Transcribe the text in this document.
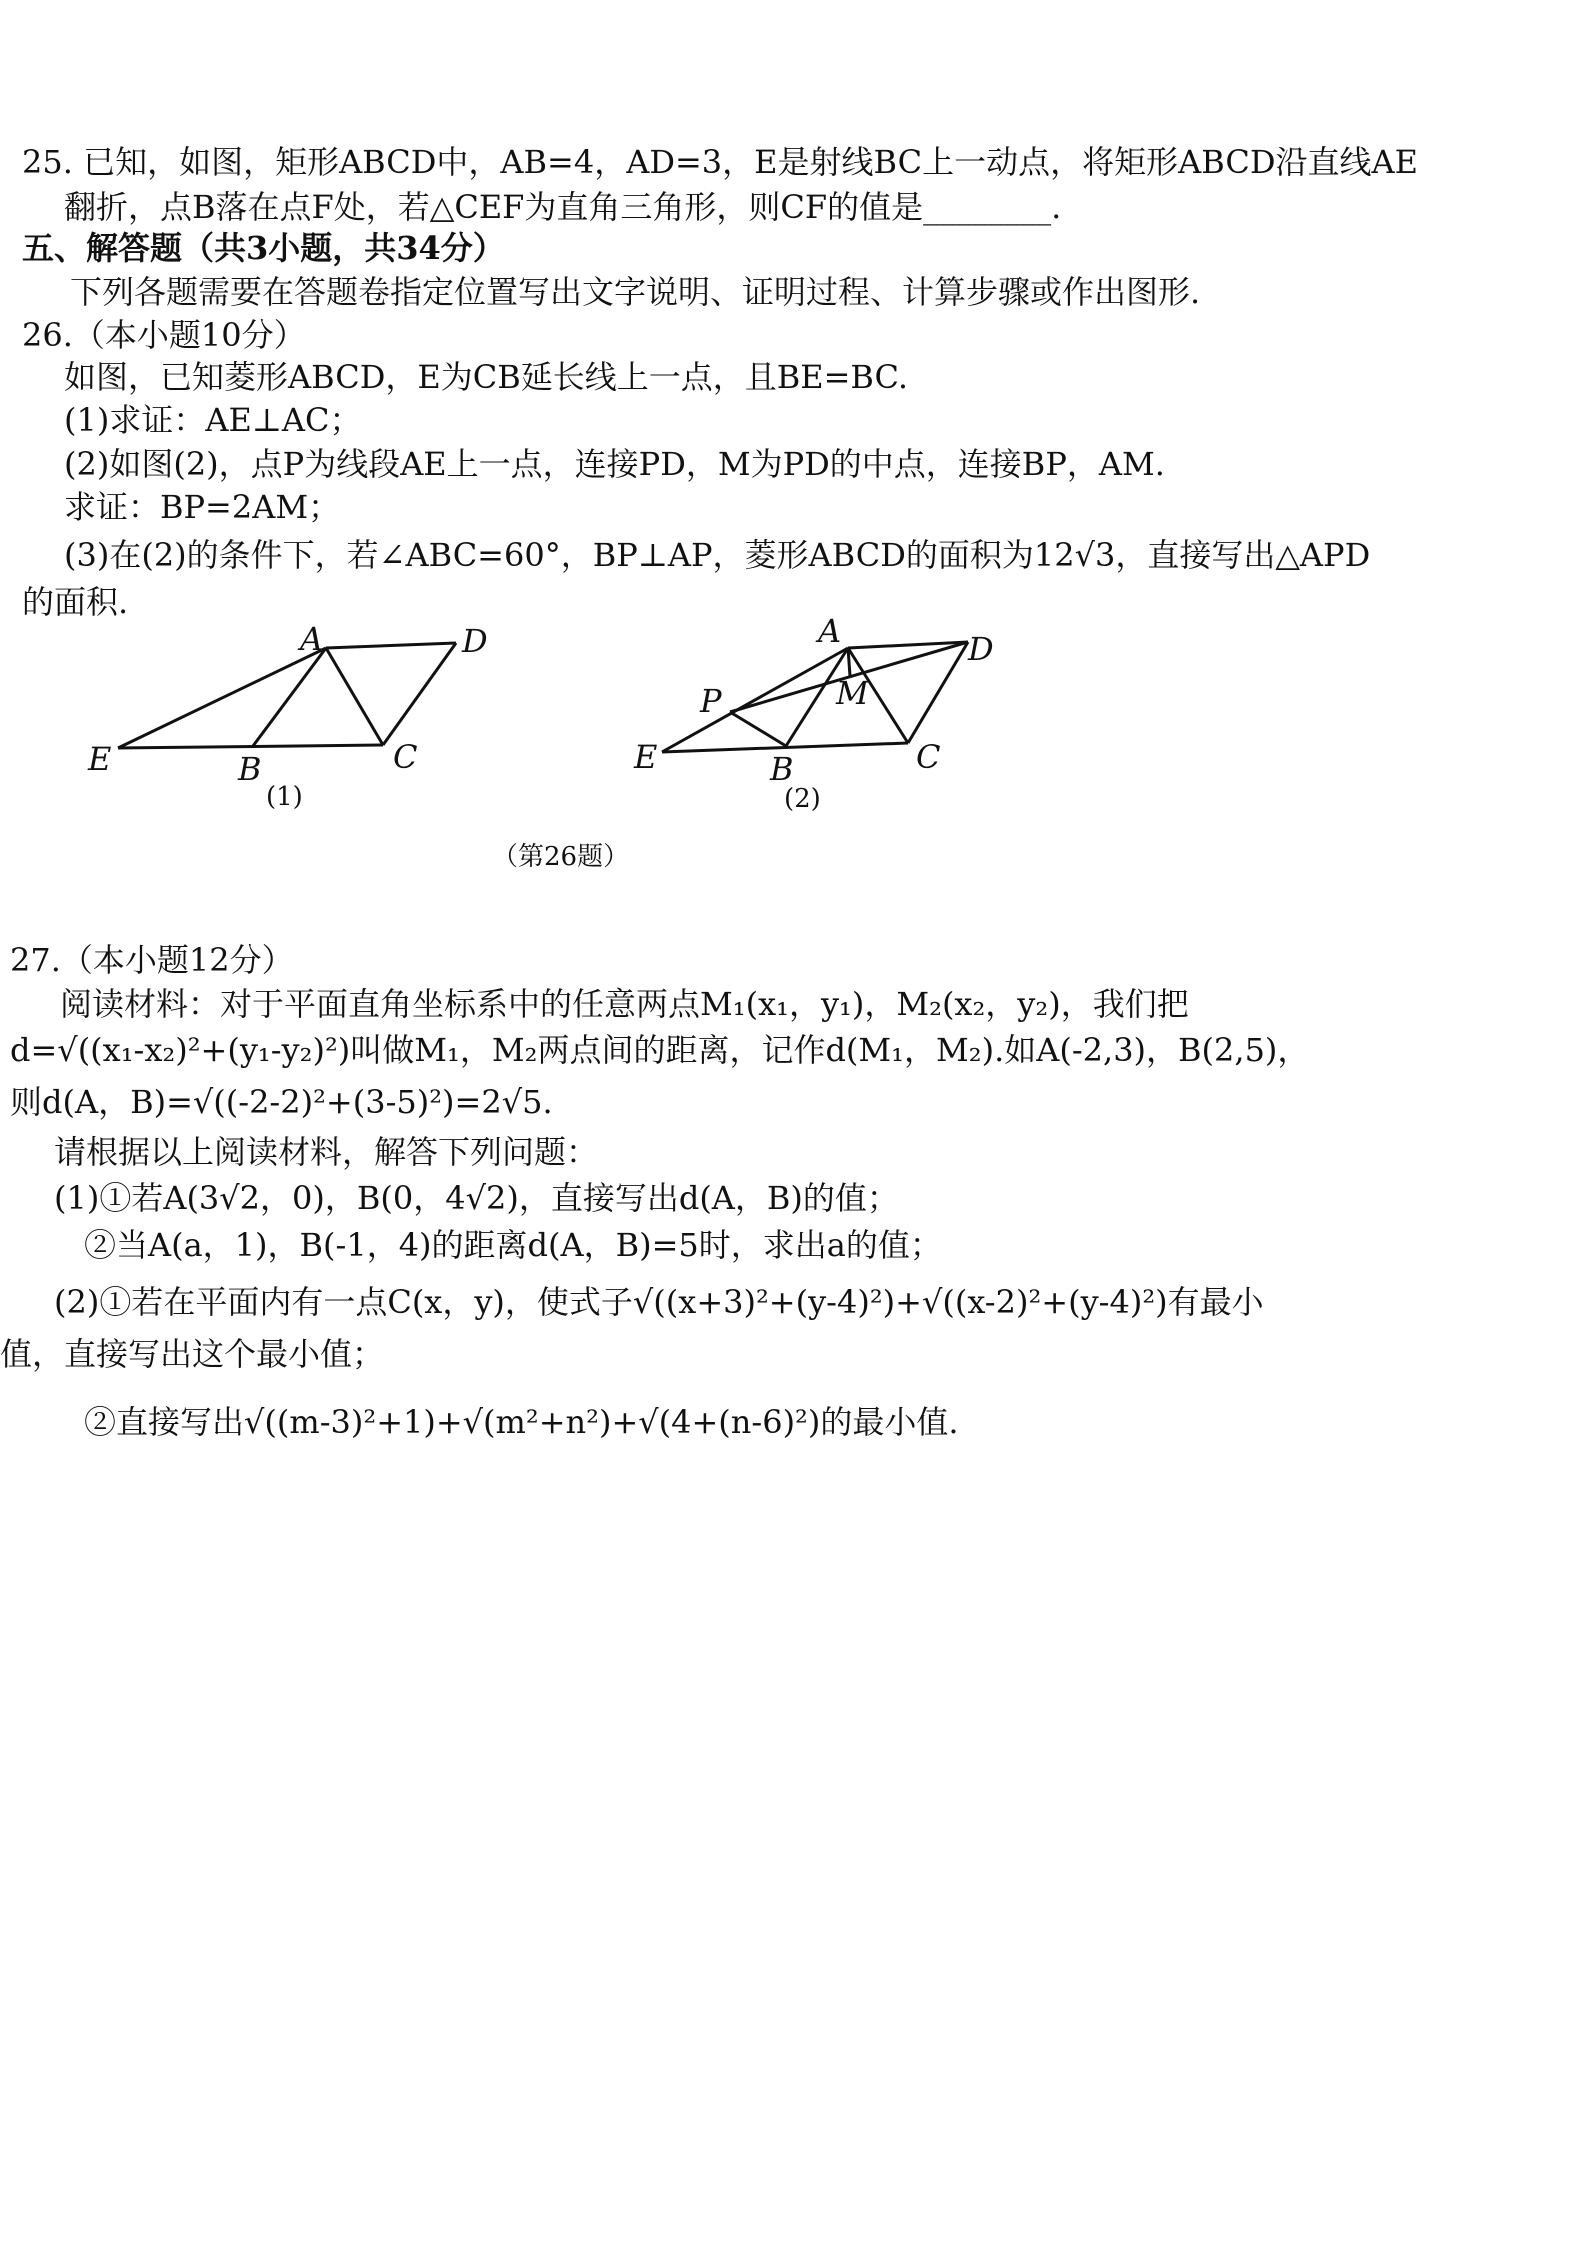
25. 已知，如图，矩形ABCD中，AB=4，AD=3，E是射线BC上一动点，将矩形ABCD沿直线AE
翻折，点B落在点F处，若△CEF为直角三角形，则CF的值是________.
五、解答题（共3小题，共34分）
下列各题需要在答题卷指定位置写出文字说明、证明过程、计算步骤或作出图形.
26.（本小题10分）
如图，已知菱形ABCD，E为CB延长线上一点，且BE=BC.
(1)求证：AE⊥AC；
(2)如图(2)，点P为线段AE上一点，连接PD，M为PD的中点，连接BP，AM.
求证：BP=2AM；
(3)在(2)的条件下，若∠ABC=60°，BP⊥AP，菱形ABCD的面积为12√3，直接写出△APD
的面积.
A	D
E	B	C
(1)
A	D
P	M
E	B	C
(2)
（第26题）
27.（本小题12分）
阅读材料：对于平面直角坐标系中的任意两点M₁(x₁，y₁)，M₂(x₂，y₂)，我们把
d=√((x₁-x₂)²+(y₁-y₂)²)叫做M₁，M₂两点间的距离，记作d(M₁，M₂).如A(-2,3)，B(2,5)，
则d(A，B)=√((-2-2)²+(3-5)²)=2√5.
请根据以上阅读材料，解答下列问题：
(1)①若A(3√2，0)，B(0，4√2)，直接写出d(A，B)的值；
②当A(a，1)，B(-1，4)的距离d(A，B)=5时，求出a的值；
(2)①若在平面内有一点C(x，y)，使式子√((x+3)²+(y-4)²)+√((x-2)²+(y-4)²)有最小
值，直接写出这个最小值；
②直接写出√((m-3)²+1)+√(m²+n²)+√(4+(n-6)²)的最小值.
